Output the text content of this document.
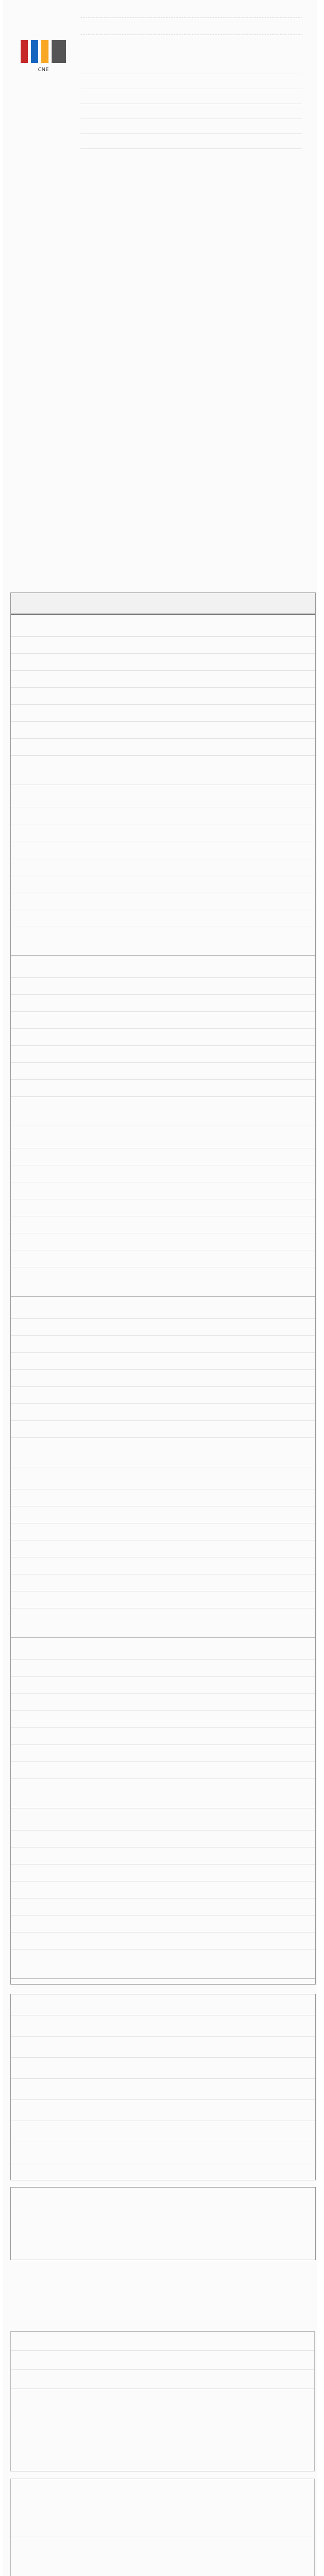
CNE
